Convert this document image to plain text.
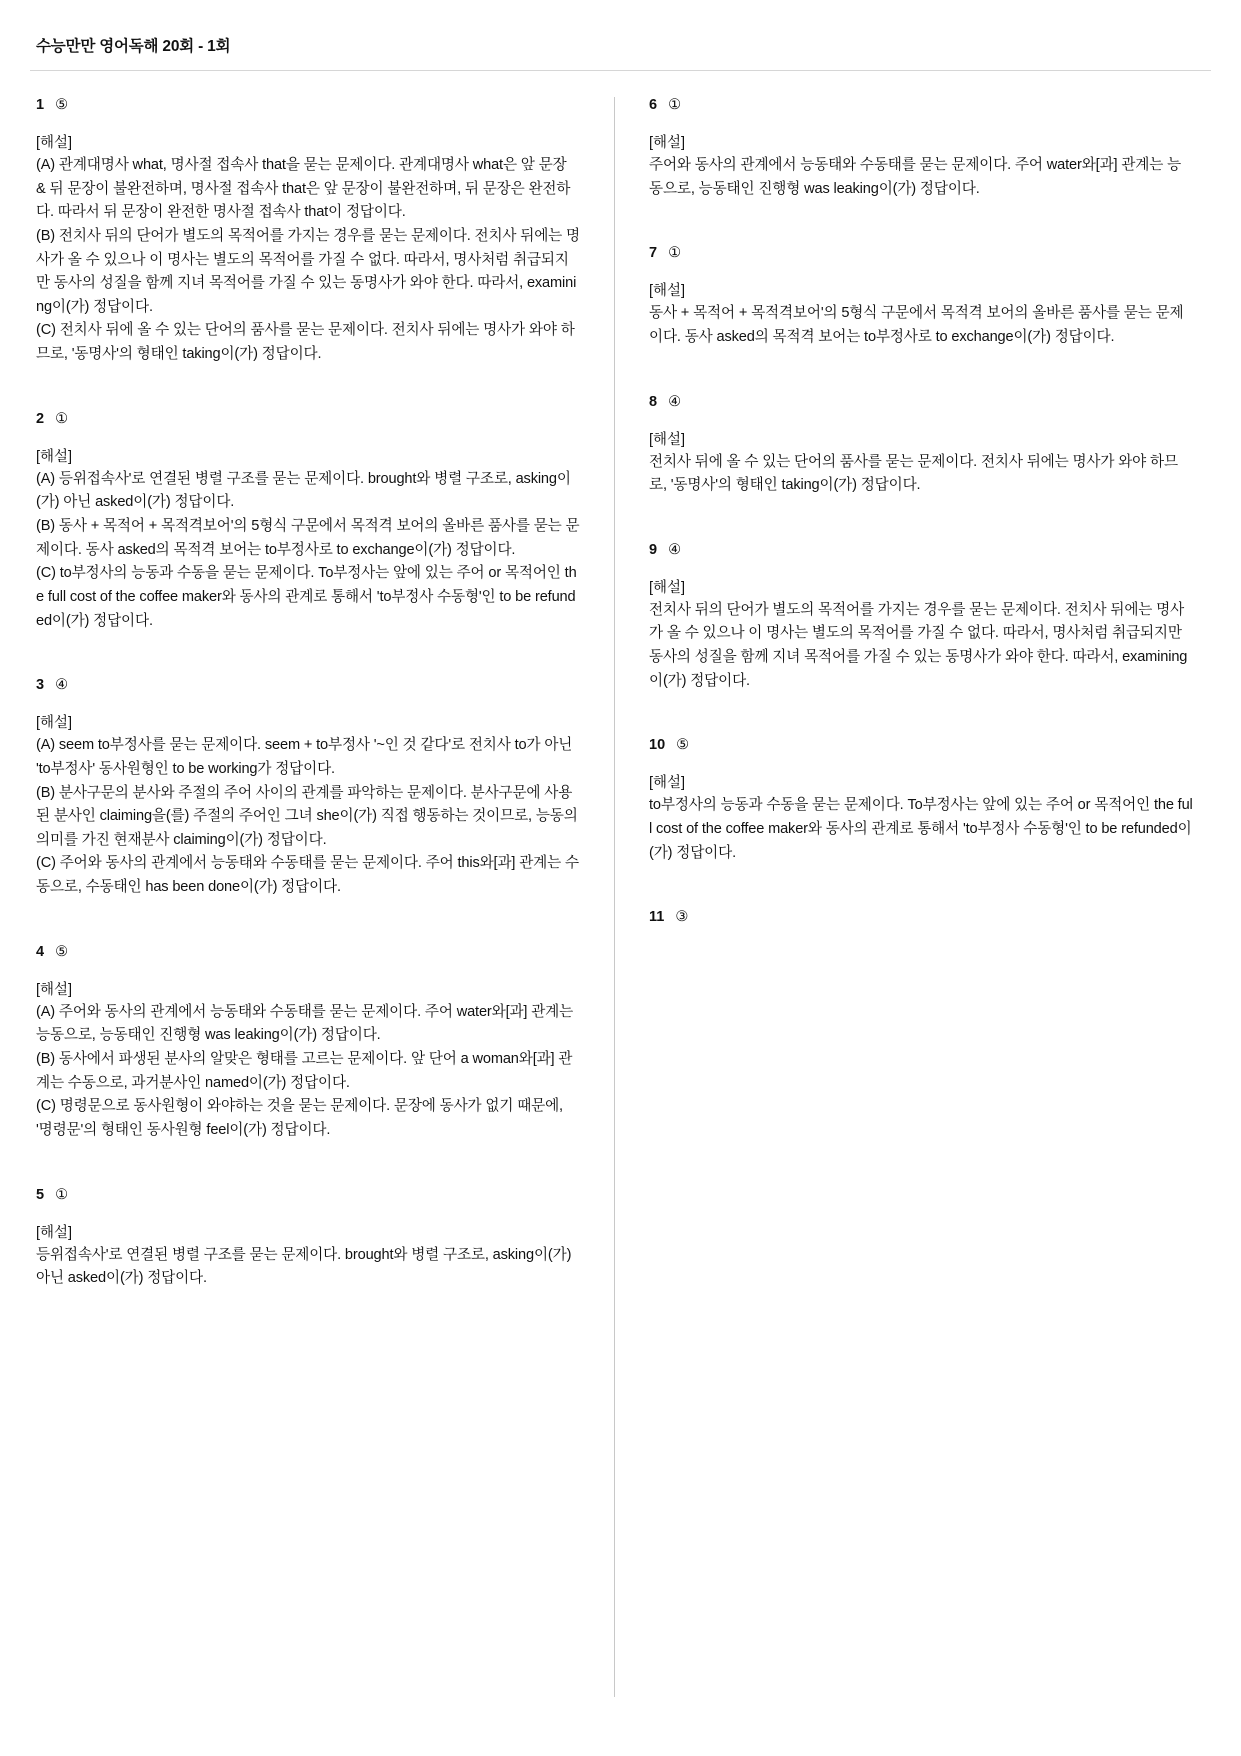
수능만만 영어독해 20회 - 1회
1 ⑤
[해설]

(A) 관계대명사 what, 명사절 접속사 that을 묻는 문제이다. 관계대명사 what은 앞 문장 & 뒤 문장이 불완전하며, 명사절 접속사 that은 앞 문장이 불완전하며, 뒤 문장은 완전하다. 따라서 뒤 문장이 완전한 명사절 접속사 that이 정답이다.

(B) 전치사 뒤의 단어가 별도의 목적어를 가지는 경우를 묻는 문제이다. 전치사 뒤에는 명사가 올 수 있으나 이 명사는 별도의 목적어를 가질 수 없다. 따라서, 명사처럼 취급되지만 동사의 성질을 함께 지녀 목적어를 가질 수 있는 동명사가 와야 한다. 따라서, examining이(가) 정답이다.

(C) 전치사 뒤에 올 수 있는 단어의 품사를 묻는 문제이다. 전치사 뒤에는 명사가 와야 하므로, '동명사'의 형태인 taking이(가) 정답이다.

2 ①
[해설]

(A) 등위접속사'로 연결된 병렬 구조를 묻는 문제이다. brought와 병렬 구조로, asking이(가) 아닌 asked이(가) 정답이다.

(B) 동사 + 목적어 + 목적격보어'의 5형식 구문에서 목적격 보어의 올바른 품사를 묻는 문제이다. 동사 asked의 목적격 보어는 to부정사로 to exchange이(가) 정답이다.

(C) to부정사의 능동과 수동을 묻는 문제이다. To부정사는 앞에 있는 주어 or 목적어인 the full cost of the coffee maker와 동사의 관계로 통해서 'to부정사 수동형'인 to be refunded이(가) 정답이다.

3 ④
[해설]

(A) seem to부정사를 묻는 문제이다. seem + to부정사 '~인 것 같다'로 전치사 to가 아닌 'to부정사' 동사원형인 to be working가 정답이다.

(B) 분사구문의 분사와 주절의 주어 사이의 관계를 파악하는 문제이다. 분사구문에 사용된 분사인 claiming을(를) 주절의 주어인 그녀 she이(가) 직접 행동하는 것이므로, 능동의 의미를 가진 현재분사 claiming이(가) 정답이다.

(C) 주어와 동사의 관계에서 능동태와 수동태를 묻는 문제이다. 주어 this와[과] 관계는 수동으로, 수동태인 has been done이(가) 정답이다.

4 ⑤
[해설]

(A) 주어와 동사의 관계에서 능동태와 수동태를 묻는 문제이다. 주어 water와[과] 관계는 능동으로, 능동태인 진행형 was leaking이(가) 정답이다.

(B) 동사에서 파생된 분사의 알맞은 형태를 고르는 문제이다. 앞 단어 a woman와[과] 관계는 수동으로, 과거분사인 named이(가) 정답이다.

(C) 명령문으로 동사원형이 와야하는 것을 묻는 문제이다. 문장에 동사가 없기 때문에, '명령문'의 형태인 동사원형 feel이(가) 정답이다.

5 ①
[해설]

등위접속사'로 연결된 병렬 구조를 묻는 문제이다. brought와 병렬 구조로, asking이(가) 아닌 asked이(가) 정답이다.

6 ①
[해설]

주어와 동사의 관계에서 능동태와 수동태를 묻는 문제이다. 주어 water와[과] 관계는 능동으로, 능동태인 진행형 was leaking이(가) 정답이다.

7 ①
[해설]

동사 + 목적어 + 목적격보어'의 5형식 구문에서 목적격 보어의 올바른 품사를 묻는 문제이다. 동사 asked의 목적격 보어는 to부정사로 to exchange이(가) 정답이다.

8 ④
[해설]

전치사 뒤에 올 수 있는 단어의 품사를 묻는 문제이다. 전치사 뒤에는 명사가 와야 하므로, '동명사'의 형태인 taking이(가) 정답이다.

9 ④
[해설]

전치사 뒤의 단어가 별도의 목적어를 가지는 경우를 묻는 문제이다. 전치사 뒤에는 명사가 올 수 있으나 이 명사는 별도의 목적어를 가질 수 없다. 따라서, 명사처럼 취급되지만 동사의 성질을 함께 지녀 목적어를 가질 수 있는 동명사가 와야 한다. 따라서, examining이(가) 정답이다.

10 ⑤
[해설]

to부정사의 능동과 수동을 묻는 문제이다. To부정사는 앞에 있는 주어 or 목적어인 the full cost of the coffee maker와 동사의 관계로 통해서 'to부정사 수동형'인 to be refunded이(가) 정답이다.

11 ③
